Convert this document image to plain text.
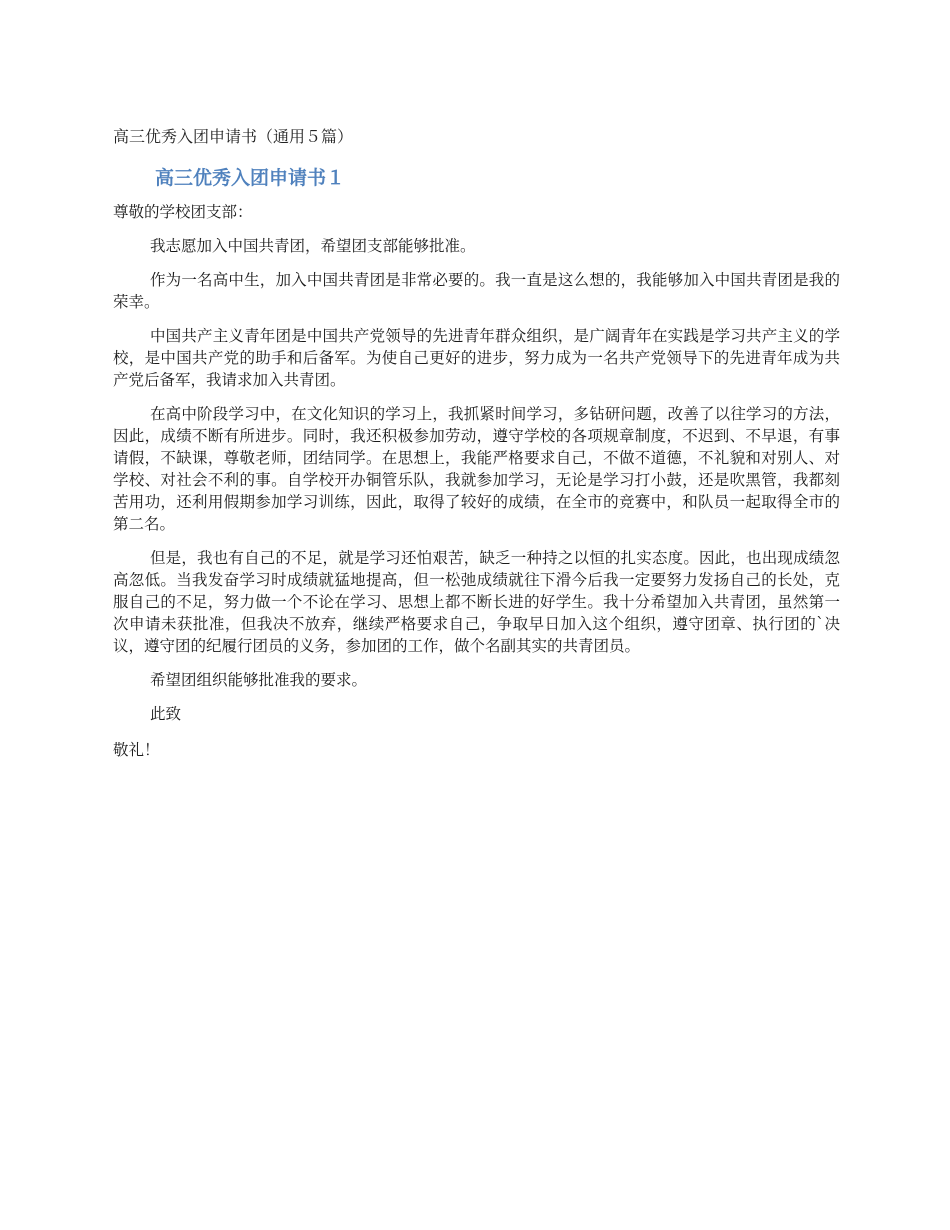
高三优秀入团申请书（通用５篇）
高三优秀入团申请书１
尊敬的学校团支部：

我志愿加入中国共青团，希望团支部能够批准。

作为一名高中生，加入中国共青团是非常必要的。我一直是这么想的，我能够加入中国共青团是我的荣幸。

中国共产主义青年团是中国共产党领导的先进青年群众组织，是广阔青年在实践是学习共产主义的学校，是中国共产党的助手和后备军。为使自己更好的进步，努力成为一名共产党领导下的先进青年成为共产党后备军，我请求加入共青团。

在高中阶段学习中，在文化知识的学习上，我抓紧时间学习，多钻研问题，改善了以往学习的方法，因此，成绩不断有所进步。同时，我还积极参加劳动，遵守学校的各项规章制度，不迟到、不早退，有事请假，不缺课，尊敬老师，团结同学。在思想上，我能严格要求自己，不做不道德，不礼貌和对别人、对学校、对社会不利的事。自学校开办铜管乐队，我就参加学习，无论是学习打小鼓，还是吹黑管，我都刻苦用功，还利用假期参加学习训练，因此，取得了较好的成绩，在全市的竞赛中，和队员一起取得全市的第二名。

但是，我也有自己的不足，就是学习还怕艰苦，缺乏一种持之以恒的扎实态度。因此，也出现成绩忽高忽低。当我发奋学习时成绩就猛地提高，但一松弛成绩就往下滑今后我一定要努力发扬自己的长处，克服自己的不足，努力做一个不论在学习、思想上都不断长进的好学生。我十分希望加入共青团，虽然第一次申请未获批准，但我决不放弃，继续严格要求自己，争取早日加入这个组织，遵守团章、执行团的`决议，遵守团的纪履行团员的义务，参加团的工作，做个名副其实的共青团员。

希望团组织能够批准我的要求。

此致
敬礼！
